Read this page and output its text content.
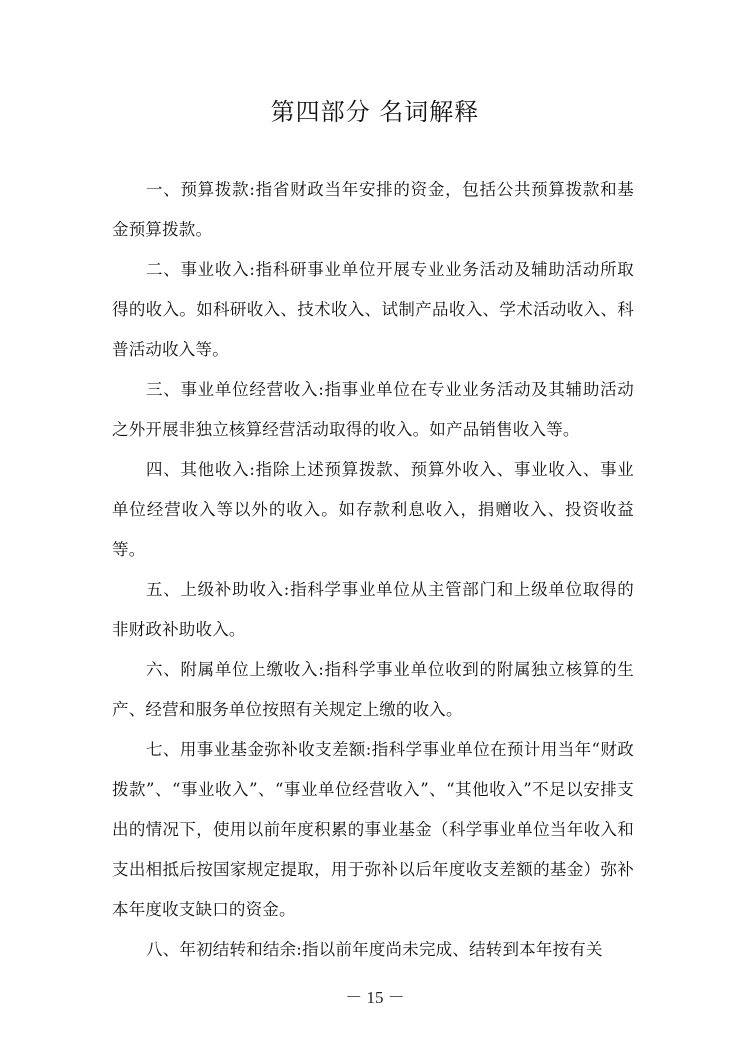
第四部分 名词解释

一、预算拨款:指省财政当年安排的资金，包括公共预算拨款和基金预算拨款。

二、事业收入:指科研事业单位开展专业业务活动及辅助活动所取得的收入。如科研收入、技术收入、试制产品收入、学术活动收入、科普活动收入等。

三、事业单位经营收入:指事业单位在专业业务活动及其辅助活动之外开展非独立核算经营活动取得的收入。如产品销售收入等。

四、其他收入:指除上述预算拨款、预算外收入、事业收入、事业单位经营收入等以外的收入。如存款利息收入，捐赠收入、投资收益等。

五、上级补助收入:指科学事业单位从主管部门和上级单位取得的非财政补助收入。

六、附属单位上缴收入:指科学事业单位收到的附属独立核算的生产、经营和服务单位按照有关规定上缴的收入。

七、用事业基金弥补收支差额:指科学事业单位在预计用当年“财政拨款”、“事业收入”、“事业单位经营收入”、“其他收入”不足以安排支出的情况下，使用以前年度积累的事业基金（科学事业单位当年收入和支出相抵后按国家规定提取，用于弥补以后年度收支差额的基金）弥补本年度收支缺口的资金。

八、年初结转和结余:指以前年度尚未完成、结转到本年按有关

－ 15 －
